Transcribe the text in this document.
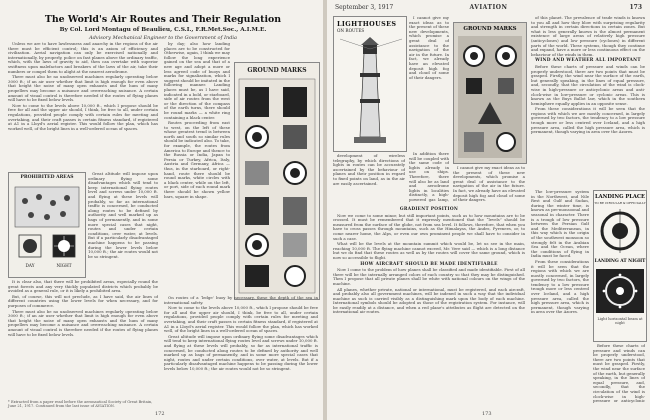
The World's Air Routes and Their Regulation
By Col. Lord Montagu of Beaulieu, C.S.I., F.R.Met.Soc., A.I.M.E.
Advisory Mechanical Engineer to the Government of India

Unless we are to have lawlessness and anarchy in the regions of the air there must be efficient control; this is an axiom of efficiency and civilization. Aerial navigation can only be exercised nationally and internationally, by properly, police on fast planes above the ordinary traffic, which, with the laws of gravity to aid, then can overtake with superior swiftness upon malefactors and breakers of the laws of the air, take their numbers or compel them to alight at the nearest aerodrome.

There must also be no unobserved machines regularly operating below 3000 ft.; if an air user whether that limit is high enough for even above that height the noise of many open exhausts and the hum of many propellers may become a nuisance and overreaching nuisance. A certain amount of visual control is therefore needed if the routes of flying planes will have to be fixed below levels.

Now to come to the levels above 10,000 ft., which I propose should be free for all and the upper air should, I think, be free to all, under certain regulations, provided people comply with certain rules for meeting and overtaking, and their craft passes is certain fitness standard, if registered at A1 in a Lloyd's aerial register. This would follow the plan, which has worked well, of the bright lines in a well-ordered ocean of spaces.

PROHIBITED AREAS
DAY	NIGHT

Great altitude will impose upon ordinary flying some disadvantages which will tend to keep international flying routes level and screws under 10,000 ft. and flying at these levels will probably, so far as international traffic is concerned, be conducted along routes to be defined by authority and well marked up as bags of permanently, and in some more special cases that night, routes and under certain conditions, over water, at levels. But if a particularly disadvantaged machine happens to be passing during the lower levels below 10,000 ft.; the air routes would not be so stringent.

It is clear also, that there will be prohibited areas, especially round the great forests and any very thickly populated districts which probably be avoided as a general rule, or it is likely a prohibited area.

But, of course, this will not preclude, as I have said, the air lines of different countries using the lower levels for when necessary, and for purposes of commerce.

There must also be no unobserved machines regularly operating below 3000 ft.; if an air user whether that limit is high enough for even above that height the noise of many open exhausts and the hum of many propellers may become a nuisance and overreaching nuisance. A certain amount of visual control is therefore needed if the routes of flying planes will have to be fixed below levels.

* Extracted from a paper read before the aeronautical Society of Great Britain, June 21, 1917. Continued from the last issue of AVIATION.

by day; also how landing places are to be constructed for Otherwise, again, I think we may follow the long experience gained on the sea and that of a new age and adopt a more or less agreed code of buoys and marks for signalization, which I suggest should be imitated in the following manner. Landing places must be, as I have said, indicated in a bold, or starboard, side of air routes from the west or the direction of the compass of the earth turns, there should be round marks — a white ring containing a black center.

Routes proceeding from east to west, on the left of these whose greatest trend is between north and south so similar rules should be indicated also. To take, for example, the routes from America to Europe and thence to the Russia or India, Japan to Persia or Turkey, Africa, Italy, Austria and Germany, Africa — thus, in the starboard, or right-hand, route there should be round marks, white circles with a black center, while on the left, or port, side of each round mark there should be shown yellow bars, square in shape.

GROUND MARKS

On routes of a ‘ledge’ buoy by necessary, these the depth of the sea in international safety.

Now to come to the levels above 10,000 ft., which I propose should be free for all and the upper air should, I think, be free to all, under certain regulations, provided people comply with certain rules for meeting and overtaking, and their craft passes is certain fitness standard, if registered at A1 in a Lloyd's aerial register. This would follow the plan, which has worked well, of the bright lines in a well-ordered ocean of spaces.

Great altitude will impose upon ordinary flying some disadvantages which will tend to keep international flying routes level and screws under 10,000 ft. and flying at these levels will probably, so far as international traffic is concerned, be conducted along routes to be defined by authority and well marked up as bags of permanently, and in some more special cases that night, routes and under certain conditions, over water, at levels. But if a particularly disadvantaged machine happens to be passing during the lower levels below 10,000 ft.; the air routes would not be so stringent.

172
September 3, 1917	AVIATION	173
LIGHTHOUSES
ON ROUTES

I cannot give my exact ideas as to the present of these new developments, which promise a great deal of assistance to the navigation of the air in the future. In fact, we already have an elevated deposit high fog and cloud of some of their dangers.

In addition there will be coupled with the same code of lights already in use on ships. Therefore, there will also be as land and aerodrome lights in localities distinctly, a high-powered gas lamp,

GROUND MARKS

development of wireless telegraphy, by which directions of lights in routes can be accurately ascertained by the behaviour of planes and their position in regard to fixed points on land, as in the air are easily ascertained.

GRADIENT POSITION

Now we come to some minor, but still important points, such as to how mountains are to be crossed. It must be remembered that it expressly mentioned that the “levels” should be measured from the surface of the globe, not from sea level. It follows, therefore, that when you have to cross passes through mountains, such as the Himalayas, the Andes, Pyrenees, or, to come nearer home, the Alps, or even our own prominent people we shall have to consider in such a case.

What will be the levels at the mountain summit which would be, let us see in the main, reaching 10,000 ft. The flying machine cannot exceed, Mr. Vere said — which is a long distance but we do find that these routes as well as by the routes will cover the same ground, which is now so accessible to flight.

HOW AIRCRAFT SHOULD BE MADE IDENTIFIABLE

Now I come to the problem of how planes shall be classified and made identifiable. First of all there will be the internally arranged colors of each country so that they may be distinguished. Then I propose that all private planes shall be white with national colours on the wings of the machine.

All planes, whether private, national or international, must be registered, and each aircraft, and probably also all government machines, will be indexed in such a way that the individual machine as such is carried visibly as a distinguishing mark upon the body of each machine. International symbols should be adopted as those of the registration system. For instance, will be easily readily at a distance, and when a red plane's attributes as flight are detected on the international air routes.

I cannot give my exact ideas as to the present of these new developments, which promise a great deal of assistance to the navigation of the air in the future. In fact, we already have an elevated deposit high fog and cloud of some of their dangers.

of this planet. The prevalence of trade winds is known to you all and how they blow with surprising regularity and strength in certain directions in certain zones. But what is less generally known is the almost permanent existence of large areas of relatively high pressure (anticyclones) and low pressure (cyclones) in different parts of the world. These systems, though they continue and expand, have a more or less continuous effect on the behaviour of the winds in them.

WIND AND WEATHER ALL IMPORTANT

Before these charts of pressure and winds can be properly understood, there are two points that must be grasped. Firstly, the wind near the surface of the earth, but generally speaking, in the lines of equal pressure, and, secondly, that the circulation of the wind is clock-wise in high-pressure or anticyclonic areas and anti-clock-wise in low-pressure or cyclonic areas. This is known as the Buys Ballot law, which in the southern hemisphere equally applies in an opposite sense.

From these considerations it will be seen that the regions with which we are mostly concerned, in largely governed by two factors, the tendency to a low pressure trough more or less centred over Iceland, and a high pressure area, called the high pressure area, which is permanent, though varying in area over the Azores.

LANDING PLACE
TO BE CIRCULAR & OFFICIALLY
LANDING AT NIGHT
Light horizontal beam at night

The low-pressure system in the Northwest, and Nile Rest and Gulf and Sudan, during the winter time, is known as pre-monsoonal and seasonal in character. There is a trough of low pressure between the Persian Gulf and the Mediterranean, in this way which is the origin of the southwest monsoon so strongly felt in the Arabian Sea and the Ocean, where the conditions of flying in India must be faced.

From these considerations it will be seen that the regions with which we are mostly concerned, in largely governed by two factors, the tendency to a low pressure trough more or less centred over Iceland, and a high pressure area, called the high pressure area, which is permanent, though varying in area over the Azores.

Before these charts of pressure and winds can be properly understood, there are two points that must be grasped. Firstly, the wind near the surface of the earth, but generally speaking, in the lines of equal pressure, and, secondly, that the circulation of the wind is clock-wise in high-pressure or anticyclonic

173
